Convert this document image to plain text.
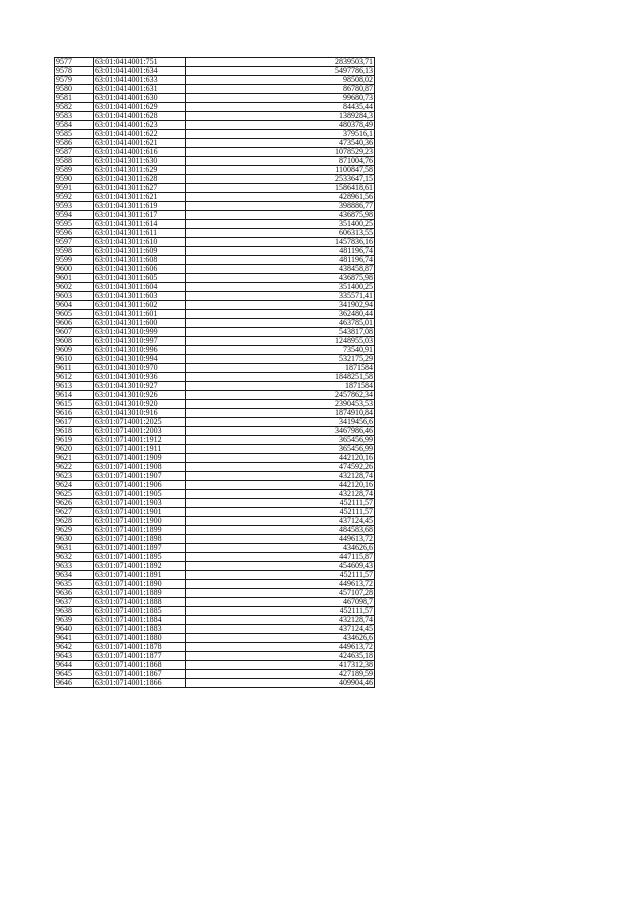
9577	63:01:0414001:751	2839503,71
9578	63:01:0414001:634	5497786,13
9579	63:01:0414001:633	98508,02
9580	63:01:0414001:631	86780,87
9581	63:01:0414001:630	99680,73
9582	63:01:0414001:629	84435,44
9583	63:01:0414001:628	1389284,3
9584	63:01:0414001:623	480378,49
9585	63:01:0414001:622	379516,1
9586	63:01:0414001:621	473540,36
9587	63:01:0414001:616	1078529,23
9588	63:01:0413011:630	871004,76
9589	63:01:0413011:629	1100847,58
9590	63:01:0413011:628	2533647,15
9591	63:01:0413011:627	1586418,61
9592	63:01:0413011:621	428961,56
9593	63:01:0413011:619	398886,77
9594	63:01:0413011:617	436875,98
9595	63:01:0413011:614	351400,25
9596	63:01:0413011:611	606313,55
9597	63:01:0413011:610	1457836,16
9598	63:01:0413011:609	481196,74
9599	63:01:0413011:608	481196,74
9600	63:01:0413011:606	438458,87
9601	63:01:0413011:605	436875,98
9602	63:01:0413011:604	351400,25
9603	63:01:0413011:603	335571,41
9604	63:01:0413011:602	341902,94
9605	63:01:0413011:601	362480,44
9606	63:01:0413011:600	463785,01
9607	63:01:0413010:999	543817,08
9608	63:01:0413010:997	1248955,03
9609	63:01:0413010:996	73540,91
9610	63:01:0413010:994	532175,29
9611	63:01:0413010:970	1871584
9612	63:01:0413010:936	1848251,58
9613	63:01:0413010:927	1871584
9614	63:01:0413010:926	2457862,34
9615	63:01:0413010:920	2390453,53
9616	63:01:0413010:916	1874910,84
9617	63:01:0714001:2025	3419456,6
9618	63:01:0714001:2003	3467986,46
9619	63:01:0714001:1912	365456,99
9620	63:01:0714001:1911	365456,99
9621	63:01:0714001:1909	442120,16
9622	63:01:0714001:1908	474592,26
9623	63:01:0714001:1907	432128,74
9624	63:01:0714001:1906	442120,16
9625	63:01:0714001:1905	432128,74
9626	63:01:0714001:1903	452111,57
9627	63:01:0714001:1901	452111,57
9628	63:01:0714001:1900	437124,45
9629	63:01:0714001:1899	484583,68
9630	63:01:0714001:1898	449613,72
9631	63:01:0714001:1897	434626,6
9632	63:01:0714001:1895	447115,87
9633	63:01:0714001:1892	454609,43
9634	63:01:0714001:1891	452111,57
9635	63:01:0714001:1890	449613,72
9636	63:01:0714001:1889	457107,28
9637	63:01:0714001:1888	467098,7
9638	63:01:0714001:1885	452111,57
9639	63:01:0714001:1884	432128,74
9640	63:01:0714001:1883	437124,45
9641	63:01:0714001:1880	434626,6
9642	63:01:0714001:1878	449613,72
9643	63:01:0714001:1877	424635,18
9644	63:01:0714001:1868	417312,38
9645	63:01:0714001:1867	427189,59
9646	63:01:0714001:1866	409904,46
